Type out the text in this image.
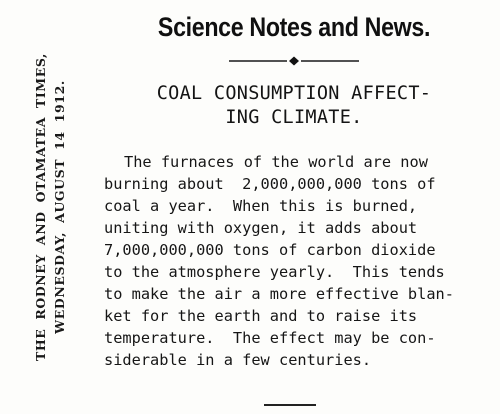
THE RODNEY AND OTAMATEA TIMES, WEDNESDAY, AUGUST 14 1912.
Science Notes and News.
COAL CONSUMPTION AFFECT-
ING CLIMATE.
The furnaces of the world are now
burning about  2,000,000,000 tons of
coal a year.  When this is burned,
uniting with oxygen, it adds about
7,000,000,000 tons of carbon dioxide
to the atmosphere yearly.  This tends
to make the air a more effective blan-
ket for the earth and to raise its
temperature.  The effect may be con-
siderable in a few centuries.
